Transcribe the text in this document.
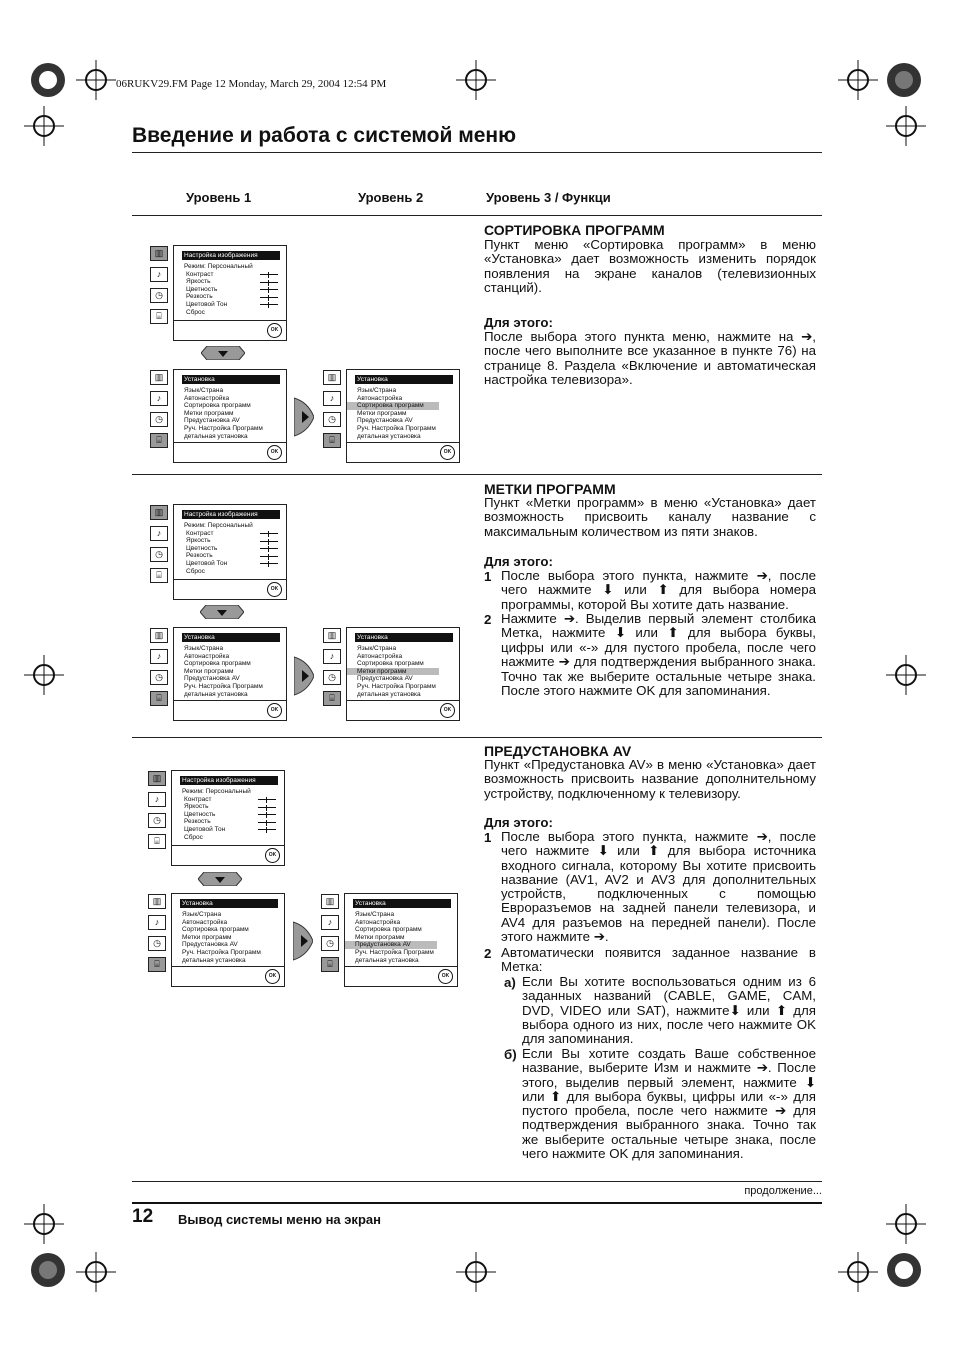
06RUKV29.FM Page 12 Monday, March 29, 2004 12:54 PM
Введение и работа с системой меню
Уровень 1	Уровень 2	Уровень 3 / Функци
▥
♪
◷
⌸
Настройка изображения
Режим: Персональный
Контраст
Яркость
Цветность
Резкость
Цветовой Тон
Сброс
OK
▥
♪
◷
⌸
Установка
Язык/Страна
Автонастройка
Сортировка программ
Метки программ
Предустановка AV
Руч. Настройка Программ
детальная установка
OK
▥
♪
◷
⌸
Установка
Язык/Страна
Автонастройка
Сортировка программ
Метки программ
Предустановка AV
Руч. Настройка Программ
детальная установка
OK
СОРТИРОВКА ПРОГРАММ

Пункт меню «Сортировка программ» в меню «Установка» дает возможность изменить порядок появления на экране каналов (телевизионных станций).

Для этого:

После выбора этого пункта меню, нажмите на ➔, после чего выполните все указанное в пункте 76) на странице 8. Раздела «Включение и автоматическая настройка телевизора».

▥
♪
◷
⌸
Настройка изображения
Режим: Персональный
Контраст
Яркость
Цветность
Резкость
Цветовой Тон
Сброс
OK
▥
♪
◷
⌸
Установка
Язык/Страна
Автонастройка
Сортировка программ
Метки программ
Предустановка AV
Руч. Настройка Программ
детальная установка
OK
▥
♪
◷
⌸
Установка
Язык/Страна
Автонастройка
Сортировка программ
Метки программ
Предустановка AV
Руч. Настройка Программ
детальная установка
OK
МЕТКИ ПРОГРАММ

Пункт «Метки программ» в меню «Установка» дает возможность присвоить каналу название с максимальным количеством из пяти знаков.

Для этого:

1 После выбора этого пункта, нажмите ➔, после чего нажмите ⬇ или ⬆ для выбора номера программы, которой Вы хотите дать название.

2 Нажмите ➔. Выделив первый элемент столбика Метка, нажмите ⬇ или ⬆ для выбора буквы, цифры или «-» для пустого пробела, после чего нажмите ➔ для подтверждения выбранного знака. Точно так же выберите остальные четыре знака. После этого нажмите OK для запоминания.

▥
♪
◷
⌸
Настройка изображения
Режим: Персональный
Контраст
Яркость
Цветность
Резкость
Цветовой Тон
Сброс
OK
▥
♪
◷
⌸
Установка
Язык/Страна
Автонастройка
Сортировка программ
Метки программ
Предустановка AV
Руч. Настройка Программ
детальная установка
OK
▥
♪
◷
⌸
Установка
Язык/Страна
Автонастройка
Сортировка программ
Метки программ
Предустановка AV
Руч. Настройка Программ
детальная установка
OK
ПРЕДУСТАНОВКА AV

Пункт «Предустановка AV» в меню «Установка» дает возможность присвоить название дополнительному устройству, подключенному к телевизору.

Для этого:

1 После выбора этого пункта, нажмите ➔, после чего нажмите ⬇ или ⬆ для выбора источника входного сигнала, которому Вы хотите присвоить название (AV1, AV2 и AV3 для дополнительных устройств, подключенных с помощью Евроразъемов на задней панели телевизора, и AV4 для разъемов на передней панели). После этого нажмите ➔.

2 Автоматически появится заданное название в Метка:

а) Если Вы хотите воспользоваться одним из 6 заданных названий (CABLE, GAME, CAM, DVD, VIDEO или SAT), нажмите⬇ или ⬆ для выбора одного из них, после чего нажмите OK для запоминания.

б) Если Вы хотите создать Ваше собственное название, выберите Изм и нажмите ➔. После этого, выделив первый элемент, нажмите ⬇ или ⬆ для выбора буквы, цифры или «-» для пустого пробела, после чего нажмите ➔ для подтверждения выбранного знака. Точно так же выберите остальные четыре знака, после чего нажмите OK для запоминания.

продолжение...
12 Вывод системы меню на экран
